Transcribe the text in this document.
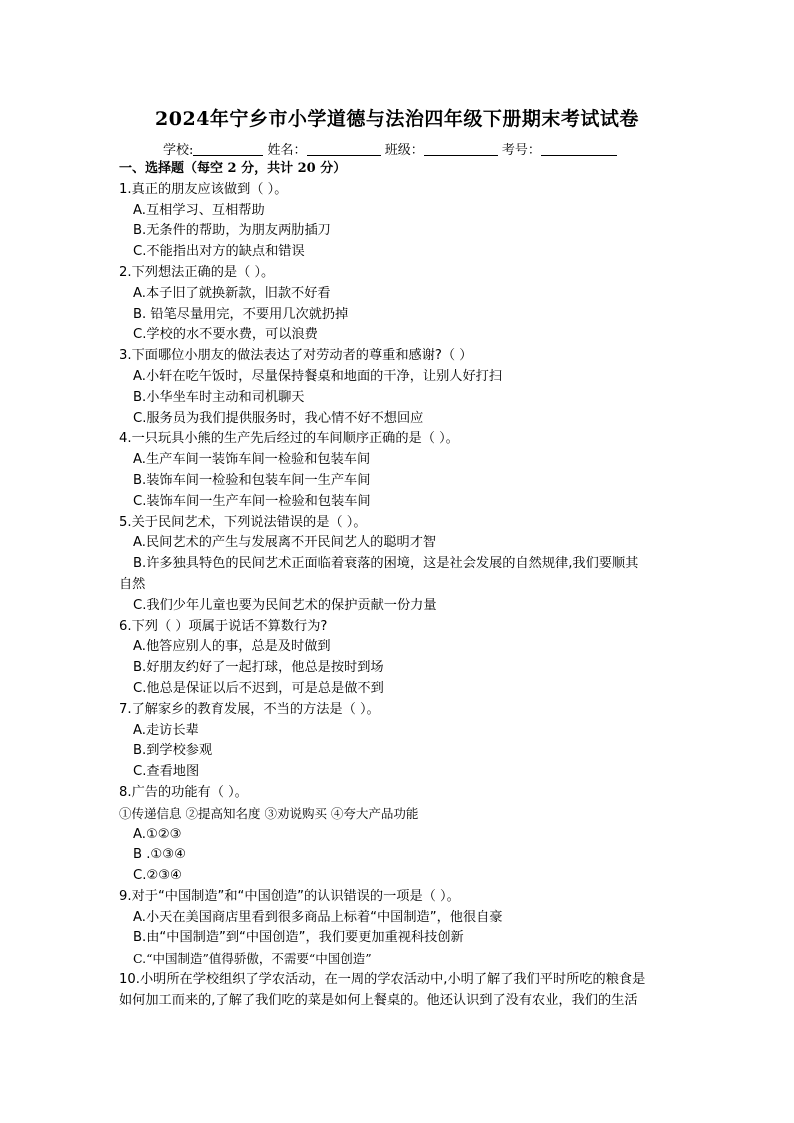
2024年宁乡市小学道德与法治四年级下册期末考试试卷
学校:	姓名：	班级：	考号：

一、选择题（每空 2 分，共计 20 分）

1.真正的朋友应该做到（ ）。

A.互相学习、互相帮助

B.无条件的帮助，为朋友两肋插刀

C.不能指出对方的缺点和错误

2.下列想法正确的是（ ）。

A.本子旧了就换新款，旧款不好看

B. 铅笔尽量用完，不要用几次就扔掉

C.学校的水不要水费，可以浪费

3.下面哪位小朋友的做法表达了对劳动者的尊重和感谢?（ ）

A.小轩在吃午饭时，尽量保持餐桌和地面的干净，让别人好打扫

B.小华坐车时主动和司机聊天

C.服务员为我们提供服务时，我心情不好不想回应

4.一只玩具小熊的生产先后经过的车间顺序正确的是（ ）。

A.生产车间一装饰车间一检验和包装车间

B.装饰车间一检验和包装车间一生产车间

C.装饰车间一生产车间一检验和包装车间

5.关于民间艺术，下列说法错误的是（ ）。

A.民间艺术的产生与发展离不开民间艺人的聪明才智

B.许多独具特色的民间艺术正面临着衰落的困境，这是社会发展的自然规律,我们要顺其

自然

C.我们少年儿童也要为民间艺术的保护贡献一份力量

6.下列（ ）项属于说话不算数行为?

A.他答应别人的事，总是及时做到

B.好朋友约好了一起打球，他总是按时到场

C.他总是保证以后不迟到，可是总是做不到

7.了解家乡的教育发展，不当的方法是（ ）。

A.走访长辈

B.到学校参观

C.查看地图

8.广告的功能有（ ）。

①传递信息 ②提高知名度 ③劝说购买 ④夸大产品功能

A.①②③

B .①③④

C.②③④

9.对于“中国制造”和“中国创造”的认识错误的一项是（ ）。

A.小天在美国商店里看到很多商品上标着“中国制造”，他很自豪

B.由“中国制造”到“中国创造”，我们要更加重视科技创新

C.“中国制造”值得骄傲，不需要“中国创造”

10.小明所在学校组织了学农活动，在一周的学农活动中,小明了解了我们平时所吃的粮食是

如何加工而来的,了解了我们吃的菜是如何上餐桌的。他还认识到了没有农业，我们的生活
